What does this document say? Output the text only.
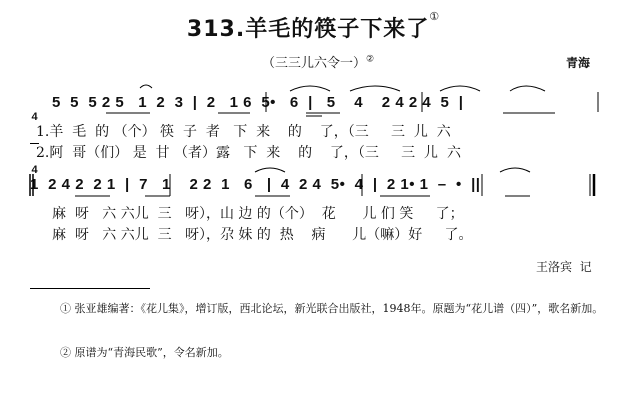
313.羊毛的筷子下来了①
（三三儿六令一）②	青海

4

4

5  5  5 2 5   1  2  3  |  2   1 6  5•   6  |   5    4    2 4 2 4  5  |
1.羊  毛  的 （个） 筷  子  者   下  来    的    了，（三     三  儿  六
2.阿  哥（们） 是  甘 （者）露   下  来    的    了，（三     三  儿  六
1  2 4 2  2 1  |  7   1    2 2  1   6   |  4  2 4  5•  4  |  2 1• 1  –  •  ||
麻  呀   六 六儿  三   呀），山 边 的（个）  花      儿 们 笑     了；
麻  呀   六 六儿  三   呀），尕 妹 的  热    病      儿（嘛）好     了。
王洛宾  记
① 张亚雄编著：《花儿集》，增订版，西北论坛，新光联合出版社，1948年。原题为“花儿谱（四）”，歌名新加。
② 原谱为“青海民歌”，令名新加。
